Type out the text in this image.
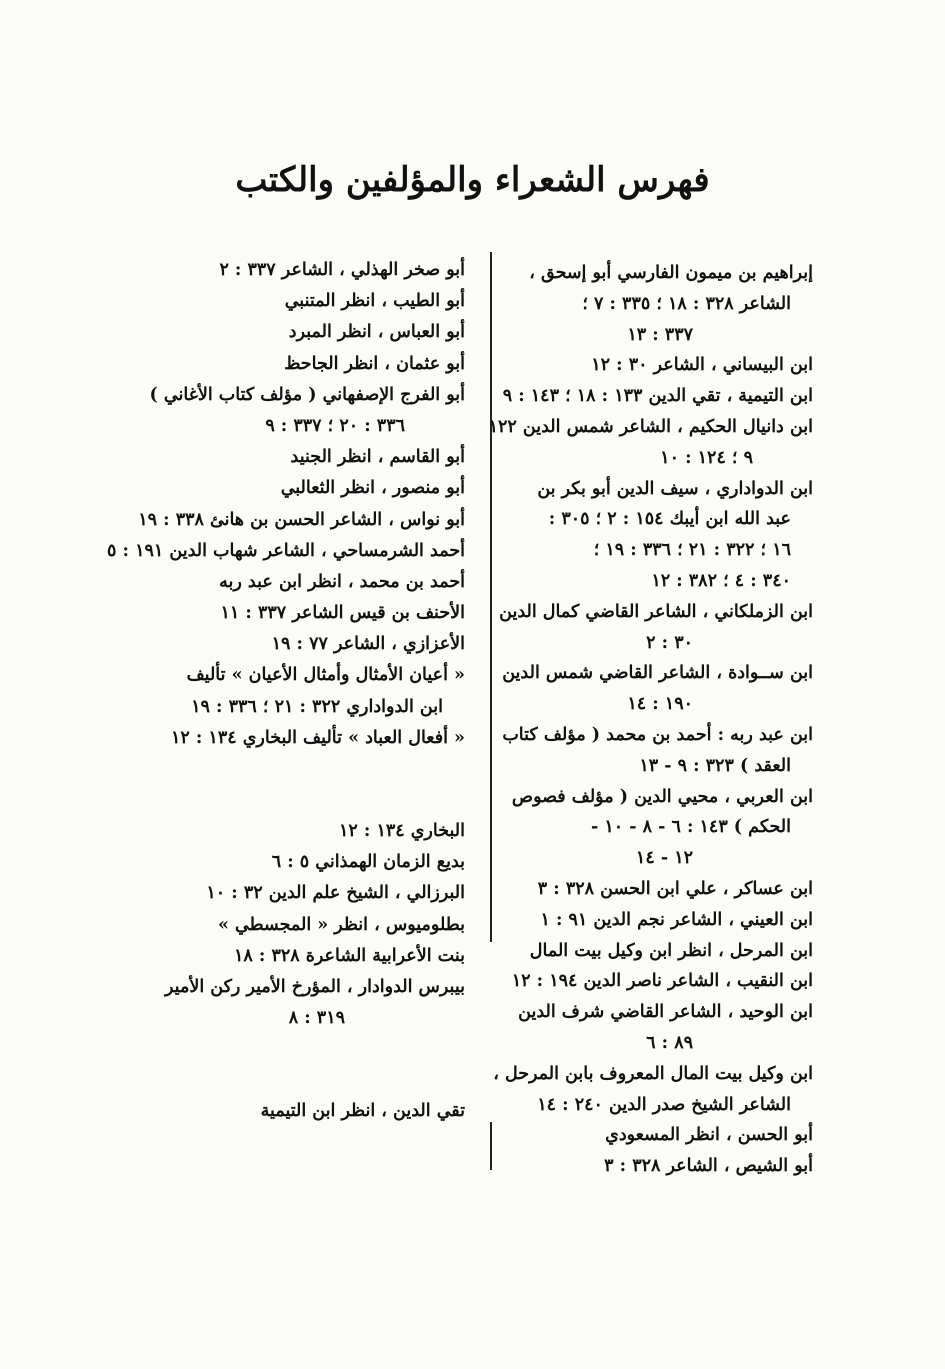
فهرس الشعراء والمؤلفين والكتب
إبراهيم بن ميمون الفارسي أبو إسحق ،
الشاعر ٣٢٨ : ١٨ ؛ ٣٣٥ : ٧ ؛
٣٣٧ : ١٣
ابن البيساني ، الشاعر ٣٠ : ١٢
ابن التيمية ، تقي الدين ١٣٣ : ١٨ ؛ ١٤٣ : ٩
ابن دانيال الحكيم ، الشاعر شمس الدين ١٢٢
٩ ؛ ١٢٤ : ١٠
ابن الدواداري ، سيف الدين أبو بكر بن
عبد الله ابن أيبك ١٥٤ : ٢ ؛ ٣٠٥ :
١٦ ؛ ٣٢٢ : ٢١ ؛ ٣٣٦ : ١٩ ؛
٣٤٠ : ٤ ؛ ٣٨٢ : ١٢
ابن الزملكاني ، الشاعر القاضي كمال الدين
٣٠ : ٢
ابن ســوادة ، الشاعر القاضي شمس الدين
١٩٠ : ١٤
ابن عبد ربه : أحمد بن محمد ( مؤلف كتاب
العقد ) ٣٢٣ : ٩ - ١٣
ابن العربي ، محيي الدين ( مؤلف فصوص
الحكم ) ١٤٣ : ٦ - ٨ - ١٠ -
١٢ - ١٤
ابن عساكر ، علي ابن الحسن ٣٢٨ : ٣
ابن العيني ، الشاعر نجم الدين ٩١ : ١
ابن المرحل ، انظر ابن وكيل بيت المال
ابن النقيب ، الشاعر ناصر الدين ١٩٤ : ١٢
ابن الوحيد ، الشاعر القاضي شرف الدين
٨٩ : ٦
ابن وكيل بيت المال المعروف بابن المرحل ،
الشاعر الشيخ صدر الدين ٢٤٠ : ١٤
أبو الحسن ، انظر المسعودي
أبو الشيص ، الشاعر ٣٢٨ : ٣
أبو صخر الهذلي ، الشاعر ٣٣٧ : ٢
أبو الطيب ، انظر المتنبي
أبو العباس ، انظر المبرد
أبو عثمان ، انظر الجاحظ
أبو الفرج الإصفهاني ( مؤلف كتاب الأغاني )
٣٣٦ : ٢٠ ؛ ٣٣٧ : ٩
أبو القاسم ، انظر الجنيد
أبو منصور ، انظر الثعالبي
أبو نواس ، الشاعر الحسن بن هانئ ٣٣٨ : ١٩
أحمد الشرمساحي ، الشاعر شهاب الدين ١٩١ : ٥
أحمد بن محمد ، انظر ابن عبد ربه
الأحنف بن قيس الشاعر ٣٣٧ : ١١
الأعزازي ، الشاعر ٧٧ : ١٩
« أعيان الأمثال وأمثال الأعيان » تأليف
ابن الدواداري ٣٢٢ : ٢١ ؛ ٣٣٦ : ١٩
« أفعال العباد » تأليف البخاري ١٣٤ : ١٢
البخاري ١٣٤ : ١٢
بديع الزمان الهمذاني ٥ : ٦
البرزالي ، الشيخ علم الدين ٣٢ : ١٠
بطلوميوس ، انظر « المجسطي »
بنت الأعرابية الشاعرة ٣٢٨ : ١٨
بيبرس الدوادار ، المؤرخ الأمير ركن الأمير
٣١٩ : ٨
تقي الدين ، انظر ابن التيمية
